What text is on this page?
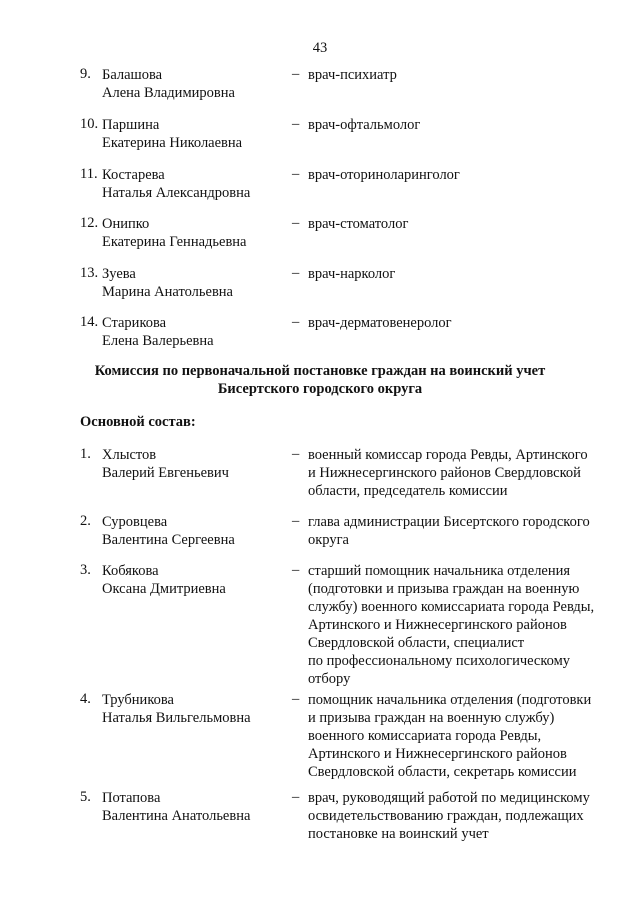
43
9. Балашова
Алена Владимировна
– врач-психиатр
10. Паршина
Екатерина Николаевна
– врач-офтальмолог
11. Костарева
Наталья Александровна
– врач-оториноларинголог
12. Онипко
Екатерина Геннадьевна
– врач-стоматолог
13. Зуева
Марина Анатольевна
– врач-нарколог
14. Старикова
Елена Валерьевна
– врач-дерматовенеролог
Комиссия по первоначальной постановке граждан на воинский учет
Бисертского городского округа
Основной состав:
1. Хлыстов
Валерий Евгеньевич
– военный комиссар города Ревды, Артинского
и Нижнесергинского районов Свердловской
области, председатель комиссии
2. Суровцева
Валентина Сергеевна
– глава администрации Бисертского городского
округа
3. Кобякова
Оксана Дмитриевна
– старший помощник начальника отделения
(подготовки и призыва граждан на военную
службу) военного комиссариата города Ревды,
Артинского и Нижнесергинского районов
Свердловской области, специалист
по профессиональному психологическому
отбору
4. Трубникова
Наталья Вильгельмовна
– помощник начальника отделения (подготовки
и призыва граждан на военную службу)
военного комиссариата города Ревды,
Артинского и Нижнесергинского районов
Свердловской области, секретарь комиссии
5. Потапова
Валентина Анатольевна
– врач, руководящий работой по медицинскому
освидетельствованию граждан, подлежащих
постановке на воинский учет
